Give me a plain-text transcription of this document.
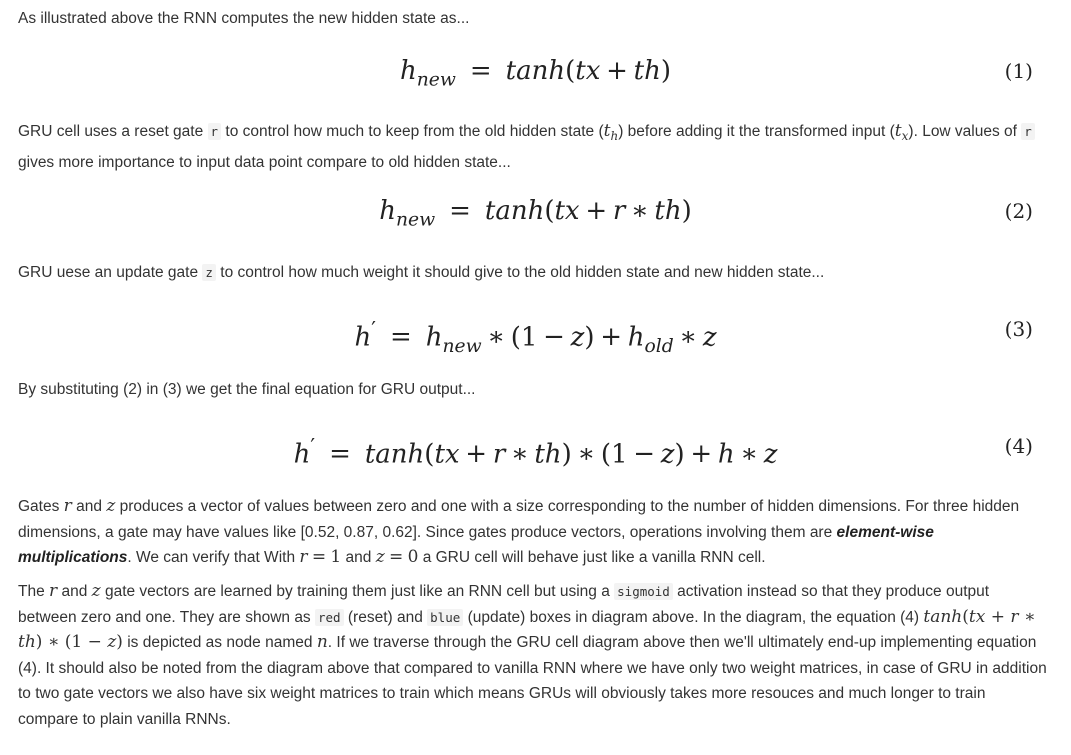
As illustrated above the RNN computes the new hidden state as...

$h_{new} = \tanh(tx + th)$	(1)

GRU cell uses a reset gate r to control how much to keep from the old hidden state $(t_h)$ before adding it the transformed input $(t_x)$. Low values of r gives more importance to input data point compare to old hidden state...

$h_{new} = \tanh(tx + r$ ∗ th)	(2)

GRU uese an update gate z to control how much weight it should give to the old hidden state and new hidden state...

$h' = h_{new}$ ∗ $(1 - z) + h_{old}$ ∗ z	(3)

By substituting (2) in (3) we get the final equation for GRU output...

h′ = tanh(tx + r ∗ th) ∗ (1 − z) + h ∗ z	(4)

Gates r and z produces a vector of values between zero and one with a size corresponding to the number of hidden dimensions. For three hidden dimensions, a gate may have values like [0.52, 0.87, 0.62]. Since gates produce vectors, operations involving them are element-wise multiplications. We can verify that With r = 1 and z = 0 a GRU cell will behave just like a vanilla RNN cell.

The r and z gate vectors are learned by training them just like an RNN cell but using a sigmoid activation instead so that they produce output between zero and one. They are shown as red (reset) and blue (update) boxes in diagram above. In the diagram, the equation (4) tanh(tx + r ∗ th) ∗ (1 − z) is depicted as node named n. If we traverse through the GRU cell diagram above then we'll ultimately end-up implementing equation (4). It should also be noted from the diagram above that compared to vanilla RNN where we have only two weight matrices, in case of GRU in addition to two gate vectors we also have six weight matrices to train which means GRUs will obviously takes more resouces and much longer to train compare to plain vanilla RNNs.
